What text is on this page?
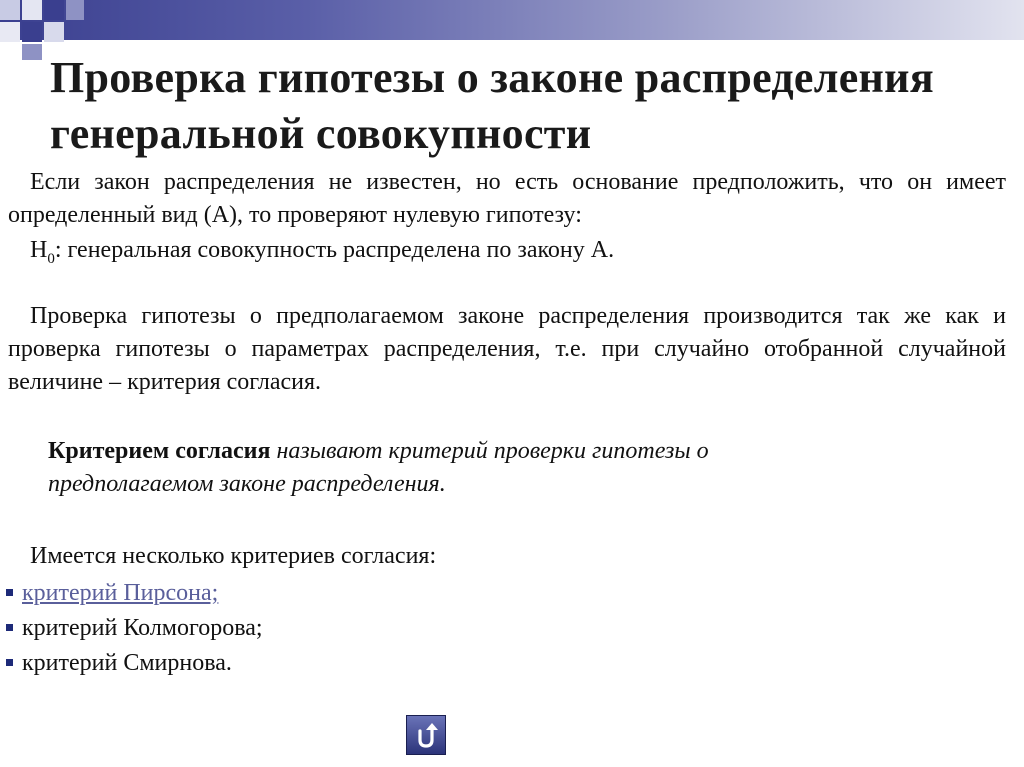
Проверка гипотезы о законе распределения генеральной совокупности
Если закон распределения не известен, но есть основание предположить, что он имеет определенный вид (А), то проверяют нулевую гипотезу:
$H_0$: генеральная совокупность распределена по закону А.
Проверка гипотезы о предполагаемом законе распределения производится так же как и проверка гипотезы о параметрах распределения, т.е. при случайно отобранной случайной величине – критерия согласия.
Критерием согласия называют критерий проверки гипотезы о предполагаемом законе распределения.
Имеется несколько критериев согласия:
критерий Пирсона;
критерий Колмогорова;
критерий Смирнова.
